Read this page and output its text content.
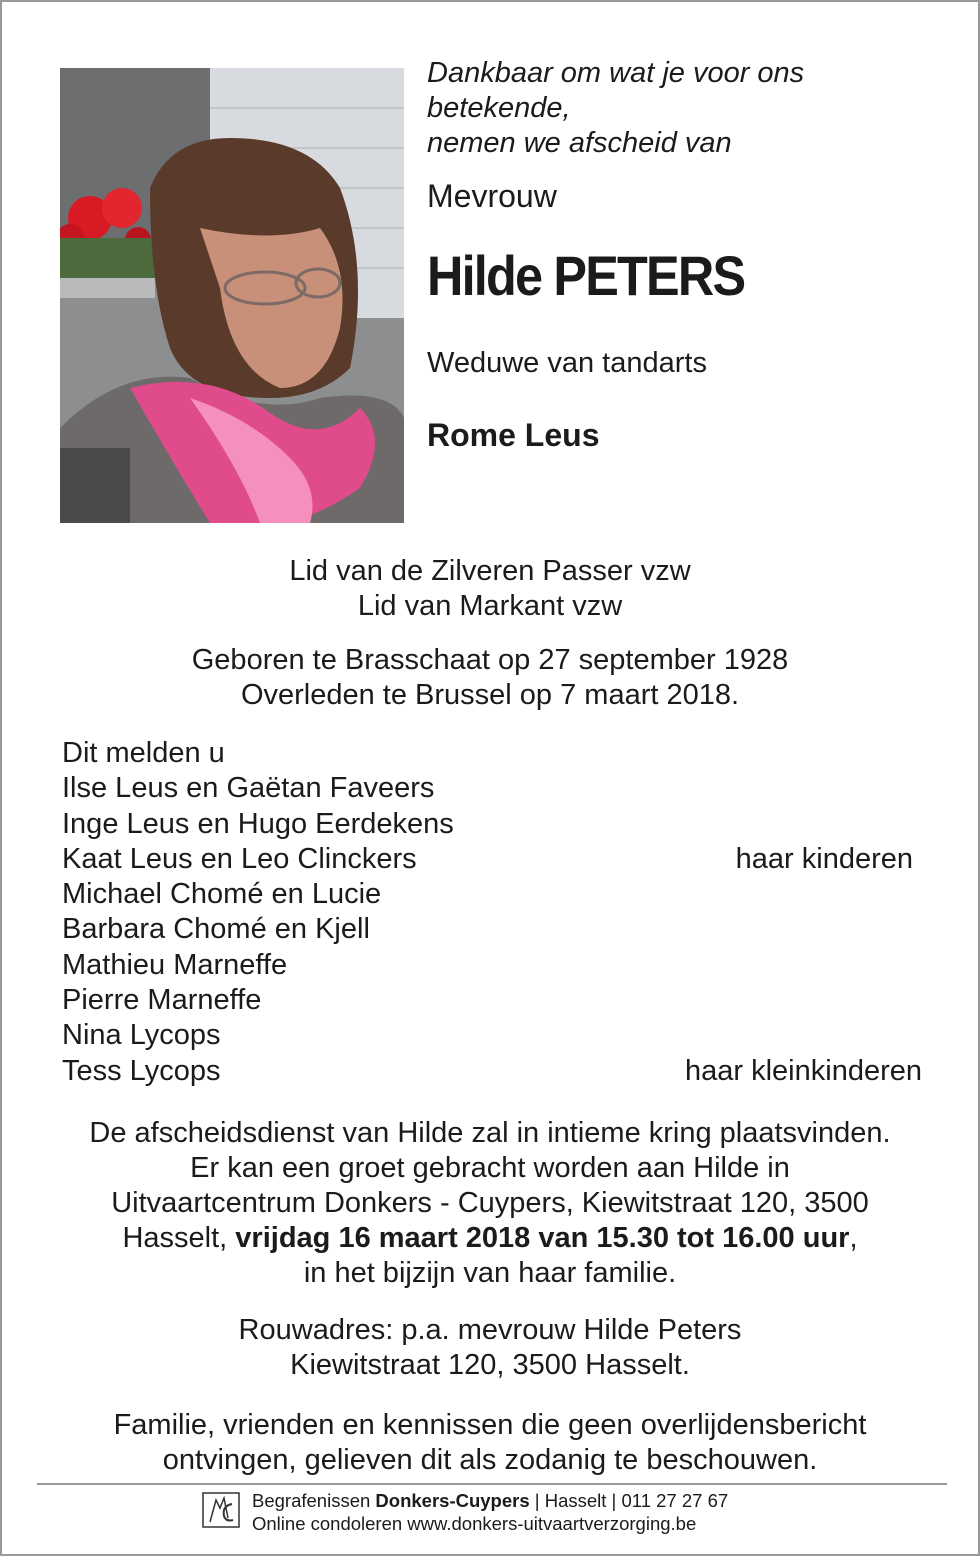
Dankbaar om wat je voor ons

betekende,

nemen we afscheid van

Mevrouw

Hilde PETERS

Weduwe van tandarts

Rome Leus

Lid van de Zilveren Passer vzw

Lid van Markant vzw

Geboren te Brasschaat op 27 september 1928

Overleden te Brussel op 7 maart 2018.

Dit melden u
Ilse Leus en Gaëtan Faveers
Inge Leus en Hugo Eerdekens
Kaat Leus en Leo Clinckers	haar kinderen
Michael Chomé en Lucie
Barbara Chomé en Kjell
Mathieu Marneffe
Pierre Marneffe
Nina Lycops
Tess Lycops	haar kleinkinderen

De afscheidsdienst van Hilde zal in intieme kring plaatsvinden.

Er kan een groet gebracht worden aan Hilde in

Uitvaartcentrum Donkers - Cuypers, Kiewitstraat 120, 3500

Hasselt, vrijdag 16 maart 2018 van 15.30 tot 16.00 uur,

in het bijzijn van haar familie.

Rouwadres: p.a. mevrouw Hilde Peters

Kiewitstraat 120, 3500 Hasselt.

Familie, vrienden en kennissen die geen overlijdensbericht

ontvingen, gelieven dit als zodanig te beschouwen.

Begrafenissen Donkers-Cuypers | Hasselt | 011 27 27 67

Online condoleren www.donkers-uitvaartverzorging.be
